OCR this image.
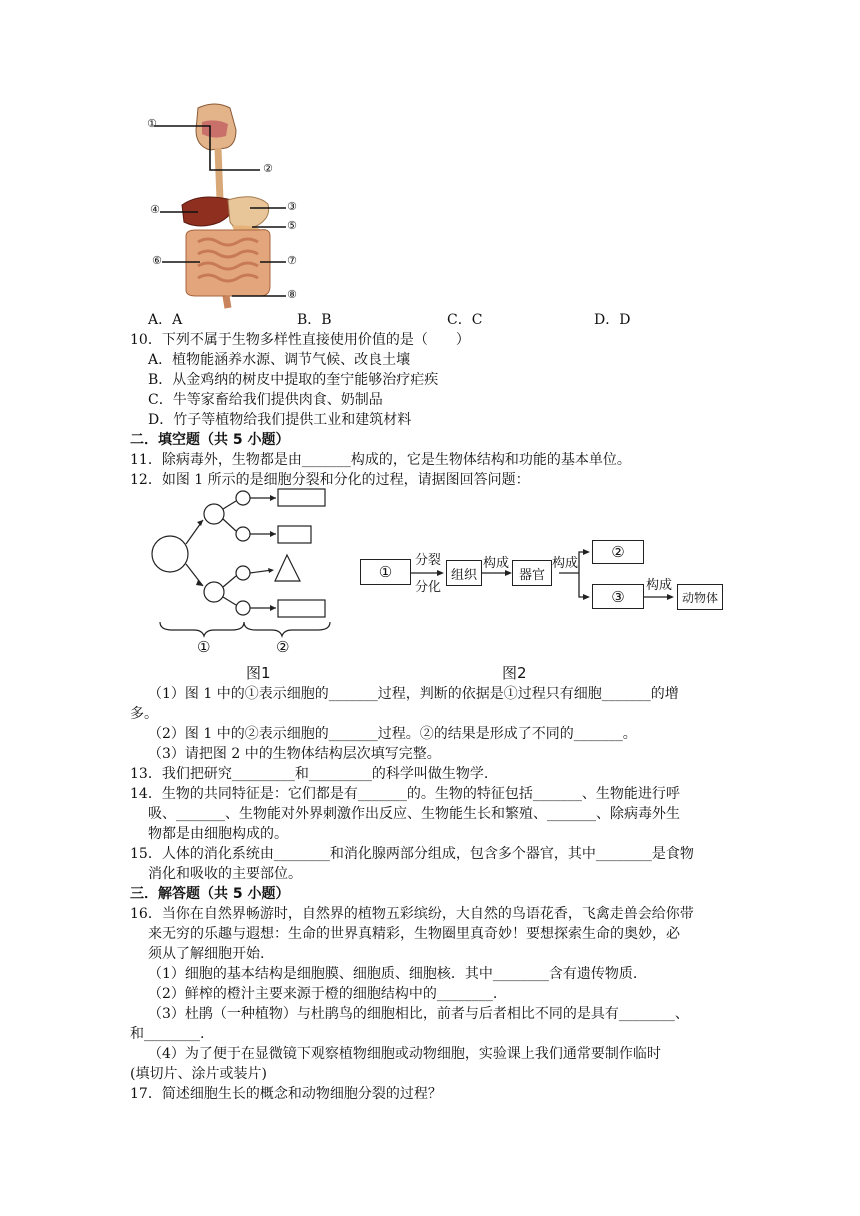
①
②
④	③
⑤
⑥	⑦
⑧
A．A	B．B	C．C	D．D
10．下列不属于生物多样性直接使用价值的是（　　）
A．植物能涵养水源、调节气候、改良土壤
B．从金鸡纳的树皮中提取的奎宁能够治疗疟疾
C．牛等家畜给我们提供肉食、奶制品
D．竹子等植物给我们提供工业和建筑材料
二．填空题（共 5 小题）
11．除病毒外，生物都是由_______构成的，它是生物体结构和功能的基本单位。
12．如图 1 所示的是细胞分裂和分化的过程，请据图回答问题：
①	②
图1
①
分裂
分化
组织
构成
器官
构成
②
③
构成
动物体
图2
（1）图 1 中的①表示细胞的_______过程，判断的依据是①过程只有细胞_______的增
多。
（2）图 1 中的②表示细胞的_______过程。②的结果是形成了不同的_______。
（3）请把图 2 中的生物体结构层次填写完整。
13．我们把研究_________和_________的科学叫做生物学.
14．生物的共同特征是：它们都是有_______的。生物的特征包括_______、生物能进行呼
吸、_______、生物能对外界刺激作出反应、生物能生长和繁殖、_______、除病毒外生
物都是由细胞构成的。
15．人体的消化系统由________和消化腺两部分组成，包含多个器官，其中________是食物
消化和吸收的主要部位。
三．解答题（共 5 小题）
16．当你在自然界畅游时，自然界的植物五彩缤纷，大自然的鸟语花香，飞禽走兽会给你带
来无穷的乐趣与遐想：生命的世界真精彩，生物圈里真奇妙！要想探索生命的奥妙，必
须从了解细胞开始.
（1）细胞的基本结构是细胞膜、细胞质、细胞核．其中________含有遗传物质.
（2）鲜榨的橙汁主要来源于橙的细胞结构中的________.
（3）杜鹃（一种植物）与杜鹃鸟的细胞相比，前者与后者相比不同的是具有________、
和________.
（4）为了便于在显微镜下观察植物细胞或动物细胞，实验课上我们通常要制作临时
(填切片、涂片或装片)
17．简述细胞生长的概念和动物细胞分裂的过程？
